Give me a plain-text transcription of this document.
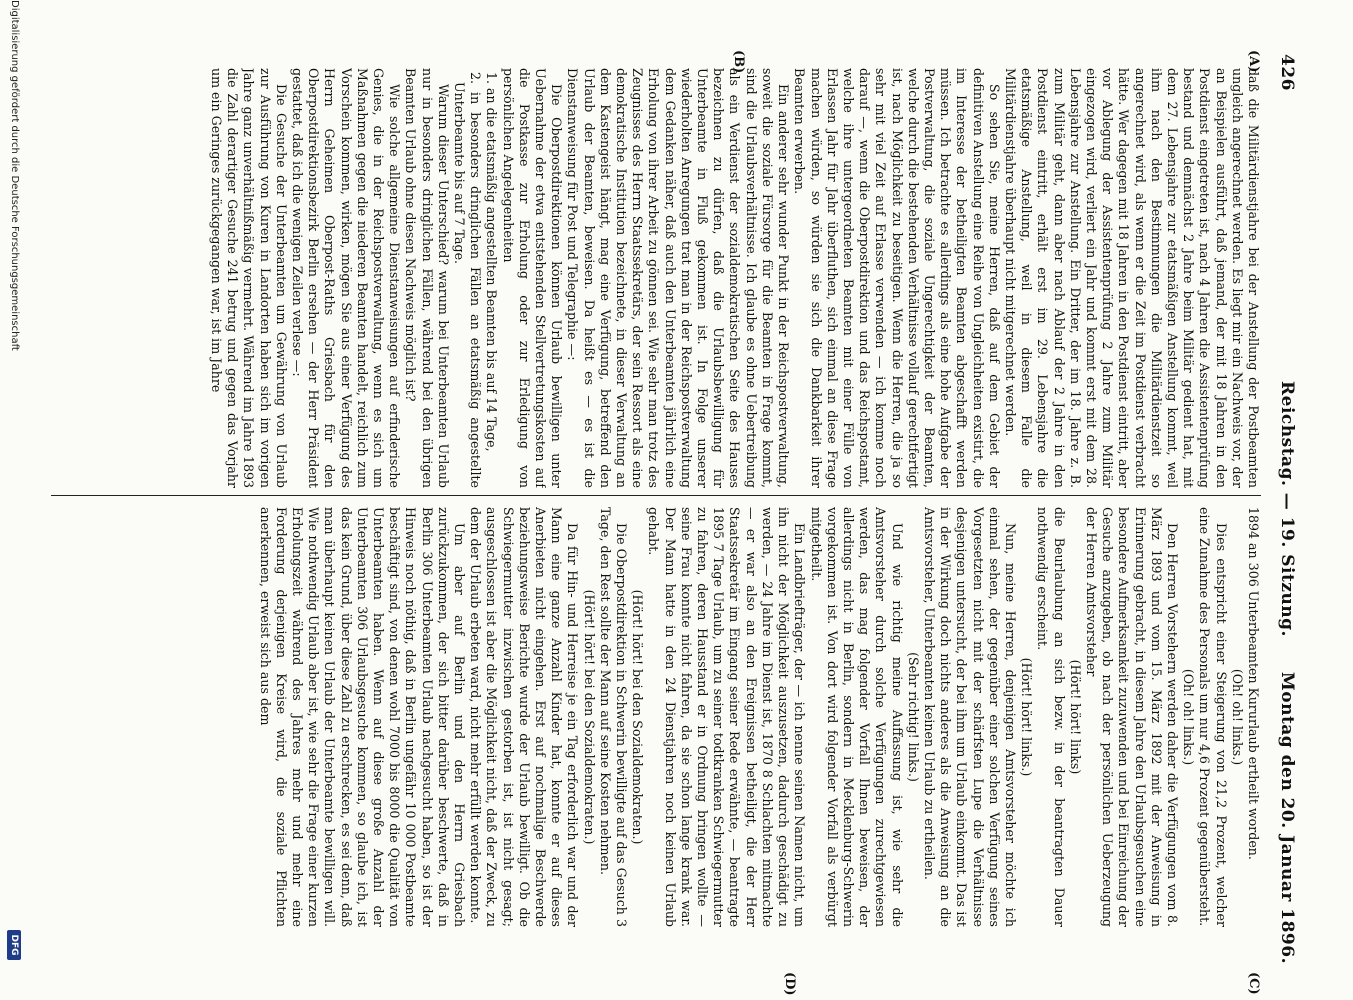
426
Reichstag. — 19. Sitzung.
Montag den 20. Januar 1896.
(A)
(B)
(C)
(D)

daß die Militärdienstjahre bei der Anstellung der Postbeamten ungleich angerechnet werden. Es liegt mir ein Nachweis vor, der an Beispielen ausführt, daß jemand, der mit 18 Jahren in den Postdienst eingetreten ist, nach 4 Jahren die Assistentenprüfung bestand und demnächst 2 Jahre beim Militär gedient hat, mit dem 27. Lebensjahre zur etatsmäßigen Anstellung kommt, weil ihm nach den Bestimmungen die Militärdienstzeit so angerechnet wird, als wenn er die Zeit im Postdienst verbracht hätte. Wer dagegen mit 18 Jahren in den Postdienst eintritt, aber vor Ablegung der Assistentenprüfung 2 Jahre zum Militär eingezogen wird, verliert ein Jahr und kommt erst mit dem 28. Lebensjahre zur Anstellung. Ein Dritter, der im 18. Jahre z. B. zum Militär geht, dann aber nach Ablauf der 2 Jahre in den Postdienst eintritt, erhält erst im 29. Lebensjahre die etatsmäßige Anstellung, weil in diesem Falle die Militärdienstjahre überhaupt nicht mitgerechnet werden.

So sehen Sie, meine Herren, daß auf dem Gebiet der definitiven Anstellung eine Reihe von Ungleichheiten existirt, die im Interesse der betheiligten Beamten abgeschafft werden müssen. Ich betrachte es allerdings als eine hohe Aufgabe der Postverwaltung, die soziale Ungerechtigkeit der Beamten, welche durch die bestehenden Verhältnisse vollauf gerechtfertigt ist, nach Möglichkeit zu beseitigen. Wenn die Herren, die ja so sehr mit viel Zeit auf Erlasse verwenden — ich komme noch darauf —, wenn die Oberpostdirektion und das Reichspostamt, welche ihre untergeordneten Beamten mit einer Fülle von Erlassen Jahr für Jahr überfluthen, sich einmal an diese Frage machen würden, so würden sie sich die Dankbarkeit ihrer Beamten erwerben.

Ein anderer sehr wunder Punkt in der Reichspostverwaltung, soweit die soziale Fürsorge für die Beamten in Frage kommt, sind die Urlaubsverhältnisse. Ich glaube es ohne Uebertreibung als ein Verdienst der sozialdemokratischen Seite des Hauses bezeichnen zu dürfen, daß die Urlaubsbewilligung für Unterbeamte in Fluß gekommen ist. In Folge unserer wiederholten Anregungen trat man in der Reichspostverwaltung dem Gedanken näher, daß auch den Unterbeamten jährlich eine Erholung von ihrer Arbeit zu gönnen sei. Wie sehr man trotz des Zeugnisses des Herrn Staatssekretärs, der sein Ressort als eine demokratische Institution bezeichnete, in dieser Verwaltung an dem Kastengeist hängt, mag eine Verfügung, betreffend den Urlaub der Beamten, beweisen. Da heißt es — es ist die Dienstanweisung für Post und Telegraphie —:

Die Oberpostdirektionen können Urlaub bewilligen unter Uebernahme der etwa entstehenden Stellvertretungskosten auf die Postkasse zur Erholung oder zur Erledigung von persönlichen Angelegenheiten

1. an die etatsmäßig angestellten Beamten bis auf 14 Tage,

2. in besonders dringlichen Fällen an etatsmäßig angestellte Unterbeamte bis auf 7 Tage.

Warum dieser Unterschied? warum bei Unterbeamten Urlaub nur in besonders dringlichen Fällen, während bei den übrigen Beamten Urlaub ohne diesen Nachweis möglich ist?

Wie solche allgemeine Dienstanweisungen auf erfinderische Genies, die in der Reichspostverwaltung, wenn es sich um Maßnahmen gegen die niederen Beamten handelt, reichlich zum Vorschein kommen, wirken, mögen Sie aus einer Verfügung des Herrn Geheimen Oberpost-Raths Griesbach für den Oberpostdirektionsbezirk Berlin ersehen — der Herr Präsident gestattet, daß ich die wenigen Zeilen verlese —:

Die Gesuche der Unterbeamten um Gewährung von Urlaub zur Ausführung von Kuren in Landorten haben sich im vorigen Jahre ganz unverhältnißmäßig vermehrt. Während im Jahre 1893 die Zahl derartiger Gesuche 241 betrug und gegen das Vorjahr um ein Geringes zurückgegangen war, ist im Jahre

1894 an 306 Unterbeamten Kururlaub ertheilt worden.

(Oh! oh! links.)

Dies entspricht einer Steigerung von 21,2 Prozent, welcher eine Zunahme des Personals um nur 4,6 Prozent gegenübersteht.

(Oh! oh! links.)

Den Herren Vorstehern werden daher die Verfügungen vom 8. März 1893 und vom 15. März 1892 mit der Anweisung in Erinnerung gebracht, in diesem Jahre den Urlaubsgesuchen eine besondere Aufmerksamkeit zuzuwenden und bei Einreichung der Gesuche anzugeben, ob nach der persönlichen Ueberzeugung der Herren Amtsvorsteher

(Hört! hört! links)

die Beurlaubung an sich bezw. in der beantragten Dauer nothwendig erscheint.

(Hört! hört! links.)

Nun, meine Herren, denjenigen Amtsvorsteher möchte ich einmal sehen, der gegenüber einer solchen Verfügung seines Vorgesetzten nicht mit der schärfsten Lupe die Verhältnisse desjenigen untersucht, der bei ihm um Urlaub einkommt. Das ist in der Wirkung doch nichts anderes als die Anweisung an die Amtsvorsteher, Unterbeamten keinen Urlaub zu ertheilen.

(Sehr richtig! links.)

Und wie richtig meine Auffassung ist, wie sehr die Amtsvorsteher durch solche Verfügungen zurechtgewiesen werden, das mag folgender Vorfall Ihnen beweisen, der allerdings nicht in Berlin, sondern in Mecklenburg-Schwerin vorgekommen ist. Von dort wird folgender Vorfall als verbürgt mitgetheilt.

Ein Landbriefträger, der — ich nenne seinen Namen nicht, um ihn nicht der Möglichkeit auszusetzen, dadurch geschädigt zu werden, — 24 Jahre im Dienst ist, 1870 8 Schlachten mitmachte — er war also an den Ereignissen betheiligt, die der Herr Staatssekretär im Eingang seiner Rede erwähnte, — beantragte 1895 7 Tage Urlaub, um zu seiner todtkranken Schwiegermutter zu fahren, deren Hausstand er in Ordnung bringen wollte — seine Frau konnte nicht fahren, da sie schon lange krank war. Der Mann hatte in den 24 Dienstjahren noch keinen Urlaub gehabt.

(Hört! hört! bei den Sozialdemokraten.)

Die Oberpostdirektion in Schwerin bewilligte auf das Gesuch 3 Tage, den Rest sollte der Mann auf seine Kosten nehmen.

(Hört! hört! bei den Sozialdemokraten.)

Da für Hin- und Herreise je ein Tag erforderlich war und der Mann eine ganze Anzahl Kinder hat, konnte er auf dieses Anerbieten nicht eingehen. Erst auf nochmalige Beschwerde beziehungsweise Berichte wurde der Urlaub bewilligt. Ob die Schwiegermutter inzwischen gestorben ist, ist nicht gesagt; ausgeschlossen ist aber die Möglichkeit nicht, daß der Zweck, zu dem der Urlaub erbeten ward, nicht mehr erfüllt werden konnte.

Um aber auf Berlin und den Herrn Griesbach zurückzukommen, der sich bitter darüber beschwerte, daß in Berlin 306 Unterbeamten Urlaub nachgesucht haben, so ist der Hinweis noch nöthig, daß in Berlin ungefähr 10 000 Postbeamte beschäftigt sind, von denen wohl 7000 bis 8000 die Qualität von Unterbeamten haben. Wenn auf diese große Anzahl der Unterbeamten 306 Urlaubsgesuche kommen, so glaube ich, ist das kein Grund, über diese Zahl zu erschrecken, es sei denn, daß man überhaupt keinen Urlaub der Unterbeamte bewilligen will. Wie nothwendig Urlaub aber ist, wie sehr die Frage einer kurzen Erholungszeit während des Jahres mehr und mehr eine Forderung derjenigen Kreise wird, die soziale Pflichten anerkennen, erweist sich aus dem

Digitalisierung gefördert durch die Deutsche Forschungsgemeinschaft
DFG
